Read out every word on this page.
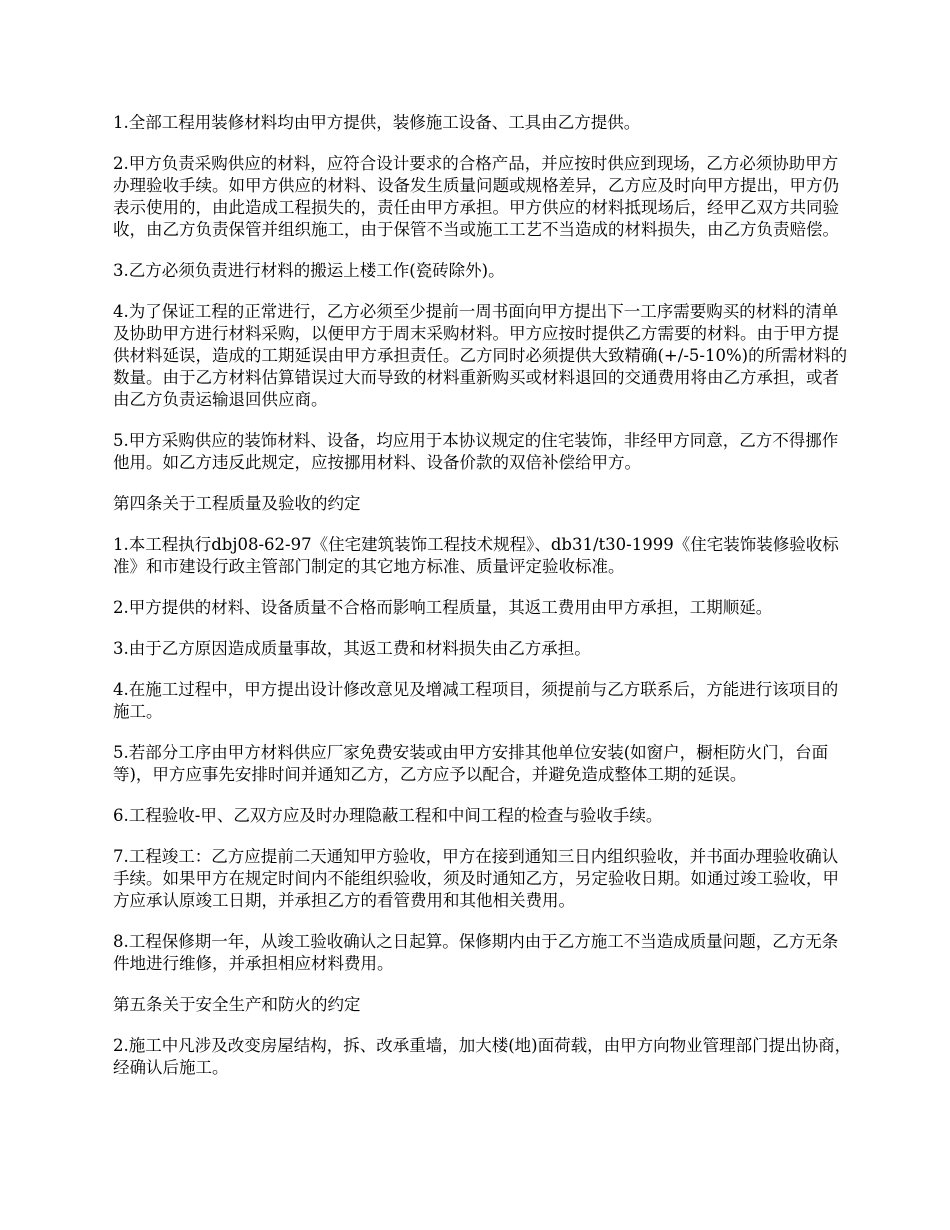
1.全部工程用装修材料均由甲方提供，装修施工设备、工具由乙方提供。

2.甲方负责采购供应的材料，应符合设计要求的合格产品，并应按时供应到现场，乙方必须协助甲方办理验收手续。如甲方供应的材料、设备发生质量问题或规格差异，乙方应及时向甲方提出，甲方仍表示使用的，由此造成工程损失的，责任由甲方承担。甲方供应的材料抵现场后，经甲乙双方共同验收，由乙方负责保管并组织施工，由于保管不当或施工工艺不当造成的材料损失，由乙方负责赔偿。

3.乙方必须负责进行材料的搬运上楼工作(瓷砖除外)。

4.为了保证工程的正常进行，乙方必须至少提前一周书面向甲方提出下一工序需要购买的材料的清单及协助甲方进行材料采购，以便甲方于周末采购材料。甲方应按时提供乙方需要的材料。由于甲方提供材料延误，造成的工期延误由甲方承担责任。乙方同时必须提供大致精确(+/-5-10%)的所需材料的数量。由于乙方材料估算错误过大而导致的材料重新购买或材料退回的交通费用将由乙方承担，或者由乙方负责运输退回供应商。

5.甲方采购供应的装饰材料、设备，均应用于本协议规定的住宅装饰，非经甲方同意，乙方不得挪作他用。如乙方违反此规定，应按挪用材料、设备价款的双倍补偿给甲方。

第四条关于工程质量及验收的约定

1.本工程执行dbj08-62-97《住宅建筑装饰工程技术规程》、db31/t30-1999《住宅装饰装修验收标准》和市建设行政主管部门制定的其它地方标准、质量评定验收标准。

2.甲方提供的材料、设备质量不合格而影响工程质量，其返工费用由甲方承担，工期顺延。

3.由于乙方原因造成质量事故，其返工费和材料损失由乙方承担。

4.在施工过程中，甲方提出设计修改意见及增减工程项目，须提前与乙方联系后，方能进行该项目的施工。

5.若部分工序由甲方材料供应厂家免费安装或由甲方安排其他单位安装(如窗户，橱柜防火门，台面等)，甲方应事先安排时间并通知乙方，乙方应予以配合，并避免造成整体工期的延误。

6.工程验收-甲、乙双方应及时办理隐蔽工程和中间工程的检查与验收手续。

7.工程竣工：乙方应提前二天通知甲方验收，甲方在接到通知三日内组织验收，并书面办理验收确认手续。如果甲方在规定时间内不能组织验收，须及时通知乙方，另定验收日期。如通过竣工验收，甲方应承认原竣工日期，并承担乙方的看管费用和其他相关费用。

8.工程保修期一年，从竣工验收确认之日起算。保修期内由于乙方施工不当造成质量问题，乙方无条件地进行维修，并承担相应材料费用。

第五条关于安全生产和防火的约定

2.施工中凡涉及改变房屋结构，拆、改承重墙，加大楼(地)面荷载，由甲方向物业管理部门提出协商，经确认后施工。
